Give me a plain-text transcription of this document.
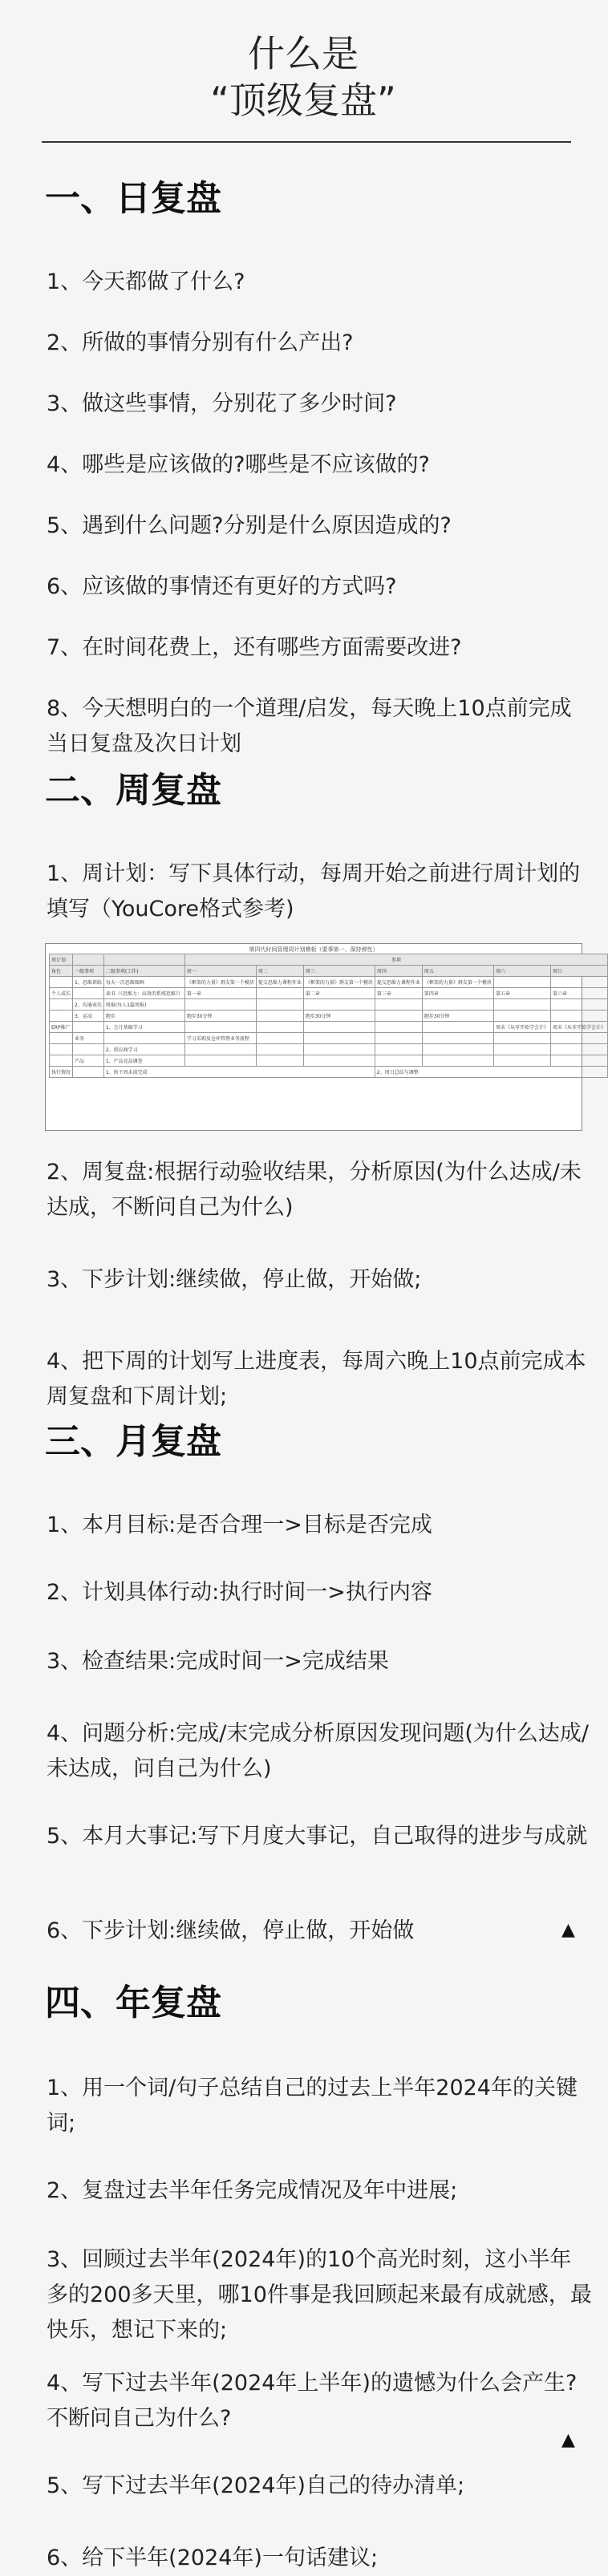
什么是
“顶级复盘”
一、日复盘
1、今天都做了什么?
2、所做的事情分别有什么产出?
3、做这些事情，分别花了多少时间?
4、哪些是应该做的?哪些是不应该做的?
5、遇到什么问题?分别是什么原因造成的?
6、应该做的事情还有更好的方式吗?
7、在时间花费上，还有哪些方面需要改进?
8、今天想明白的一个道理/启发，每天晚上10点前完成当日复盘及次日计划
二、周复盘
1、周计划：写下具体行动，每周开始之前进行周计划的填写（YouCore格式参考)
第四代时间管理周计划模板（要事第一、保持弹性）
周计划			事项						
角色	一级事项	二级事项(工作)	周一	周二	周三	周四	周五	周六	周日
	1、思维训练	每天一次思维图画	《框架的力量》群友第一个模块	提交思维力课程作业	《框架的力量》群友第一个模块	提交思维力课程作业	《框架的力量》群友第一个模块		
个人成长		读书（《思维力：高效的系统思维》）	第一章		第二章	第三章	第四章	第五章	第六章
	2、沟通表达	周报(每人1篇周报)							
	3、运动	跑步	跑步30分钟		跑步30分钟		跑步30分钟		
ERP推广		1、会计基础学习						周末《从零开始学会计》	周末《从零开始学会计》
	业务		学习采购及仓库管理业务流程						
		2、供应商学习							
	产品	1、产品竞品调查							
执行情况		1、按下周末前完成				2、周日总结与调整			
2、周复盘:根据行动验收结果，分析原因(为什么达成/未达成，不断问自己为什么)
3、下步计划:继续做，停止做，开始做;
4、把下周的计划写上进度表，每周六晚上10点前完成本周复盘和下周计划;
三、月复盘
1、本月目标:是否合理一>目标是否完成
2、计划具体行动:执行时间一>执行内容
3、检查结果:完成时间一>完成结果
4、问题分析:完成/末完成分析原因发现问题(为什么达成/未达成，问自己为什么)
5、本月大事记:写下月度大事记，自己取得的进步与成就
6、下步计划:继续做，停止做，开始做	▲
四、年复盘
1、用一个词/句子总结自己的过去上半年2024年的关键词;
2、复盘过去半年任务完成情况及年中进展;
3、回顾过去半年(2024年)的10个高光时刻，这小半年多的200多天里，哪10件事是我回顾起来最有成就感，最快乐，想记下来的;
4、写下过去半年(2024年上半年)的遗憾为什么会产生?不断问自己为什么?
5、写下过去半年(2024年)自己的待办清单;
6、给下半年(2024年)一句话建议;
▲
